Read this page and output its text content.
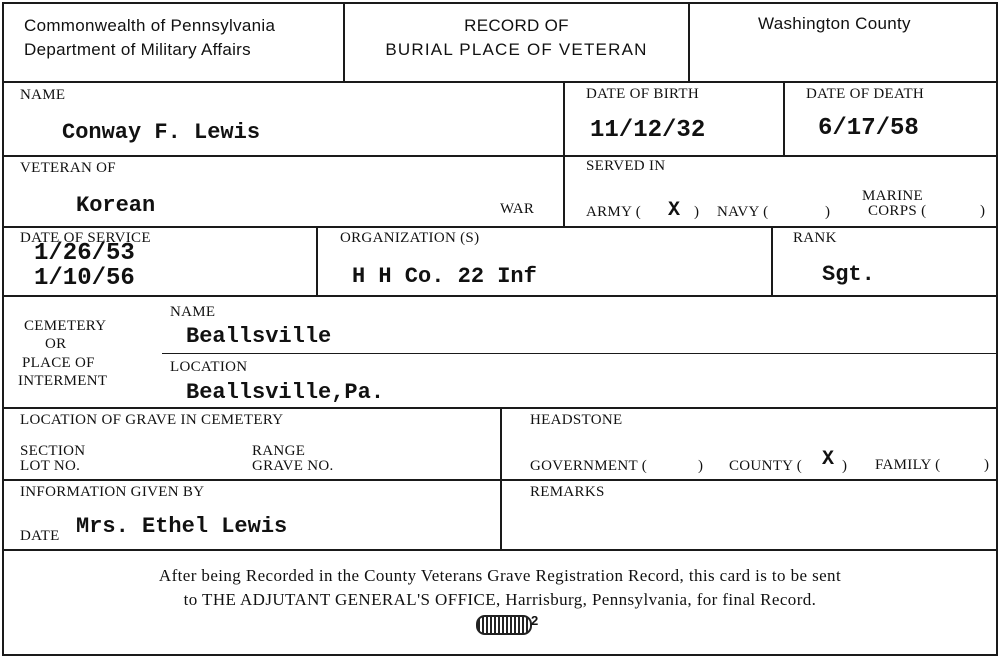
Commonwealth of Pennsylvania
Department of Military Affairs
RECORD OF
BURIAL PLACE OF VETERAN
Washington County
NAME
Conway F. Lewis
DATE OF BIRTH
11/12/32
DATE OF DEATH
6/17/58
VETERAN OF
Korean	WAR
SERVED IN
ARMY ( X ) NAVY (	)
MARINE
CORPS (	)
DATE OF SERVICE
1/26/53
1/10/56
ORGANIZATION (S)
H H Co. 22 Inf
RANK
Sgt.
CEMETERY
OR
PLACE OF
INTERMENT
NAME
Beallsville
LOCATION
Beallsville,Pa.
LOCATION OF GRAVE IN CEMETERY
SECTION
LOT NO.
RANGE
GRAVE NO.
HEADSTONE
GOVERNMENT (	) COUNTY ( X ) FAMILY (	)
INFORMATION GIVEN BY
DATE Mrs. Ethel Lewis
REMARKS
After being Recorded in the County Veterans Grave Registration Record, this card is to be sent
to THE ADJUTANT GENERAL'S OFFICE, Harrisburg, Pennsylvania, for final Record.
2
